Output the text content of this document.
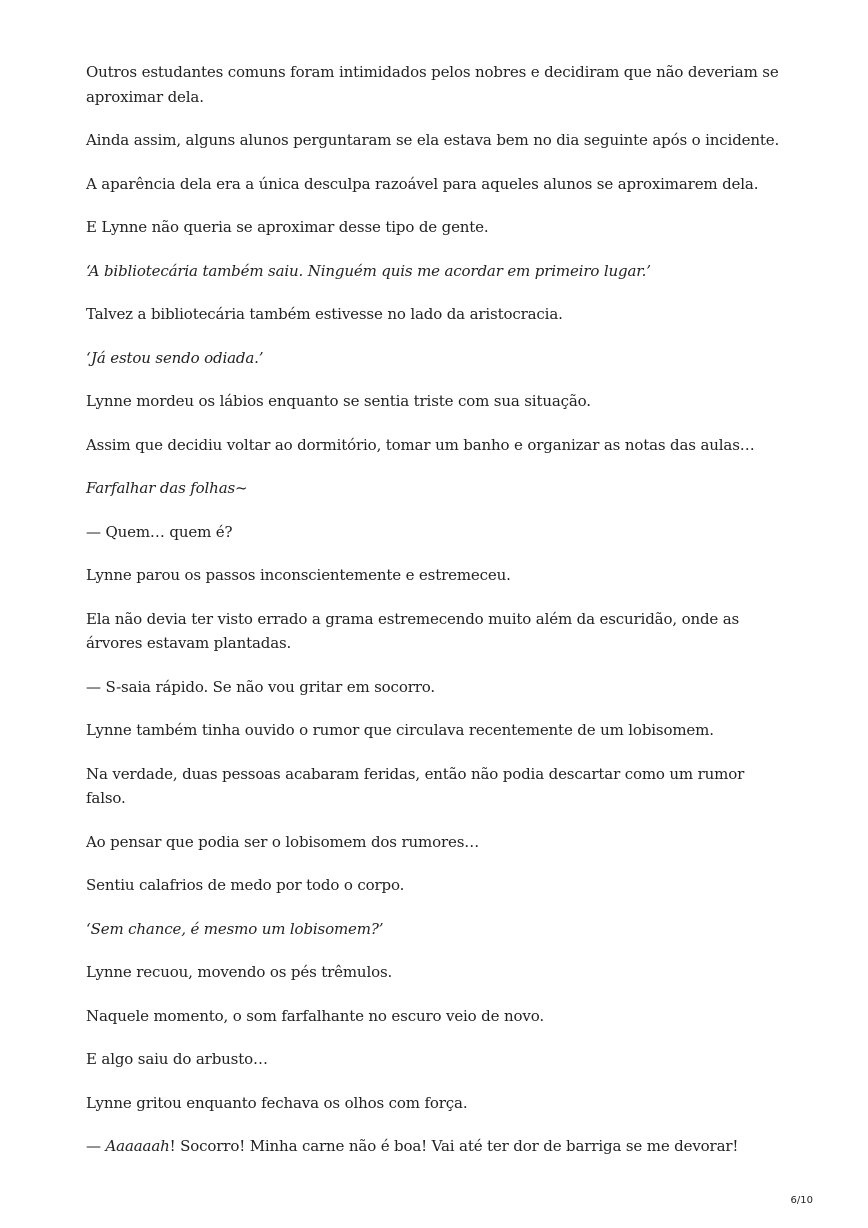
Outros estudantes comuns foram intimidados pelos nobres e decidiram que não deveriam se aproximar dela.

Ainda assim, alguns alunos perguntaram se ela estava bem no dia seguinte após o incidente.

A aparência dela era a única desculpa razoável para aqueles alunos se aproximarem dela.

E Lynne não queria se aproximar desse tipo de gente.

‘A bibliotecária também saiu. Ninguém quis me acordar em primeiro lugar.’

Talvez a bibliotecária também estivesse no lado da aristocracia.

‘Já estou sendo odiada.’

Lynne mordeu os lábios enquanto se sentia triste com sua situação.

Assim que decidiu voltar ao dormitório, tomar um banho e organizar as notas das aulas…

Farfalhar das folhas~

— Quem… quem é?

Lynne parou os passos inconscientemente e estremeceu.

Ela não devia ter visto errado a grama estremecendo muito além da escuridão, onde as árvores estavam plantadas.

— S-saia rápido. Se não vou gritar em socorro.

Lynne também tinha ouvido o rumor que circulava recentemente de um lobisomem.

Na verdade, duas pessoas acabaram feridas, então não podia descartar como um rumor falso.

Ao pensar que podia ser o lobisomem dos rumores…

Sentiu calafrios de medo por todo o corpo.

‘Sem chance, é mesmo um lobisomem?’

Lynne recuou, movendo os pés trêmulos.

Naquele momento, o som farfalhante no escuro veio de novo.

E algo saiu do arbusto…

Lynne gritou enquanto fechava os olhos com força.

— Aaaaaah! Socorro! Minha carne não é boa! Vai até ter dor de barriga se me devorar!

6/10
